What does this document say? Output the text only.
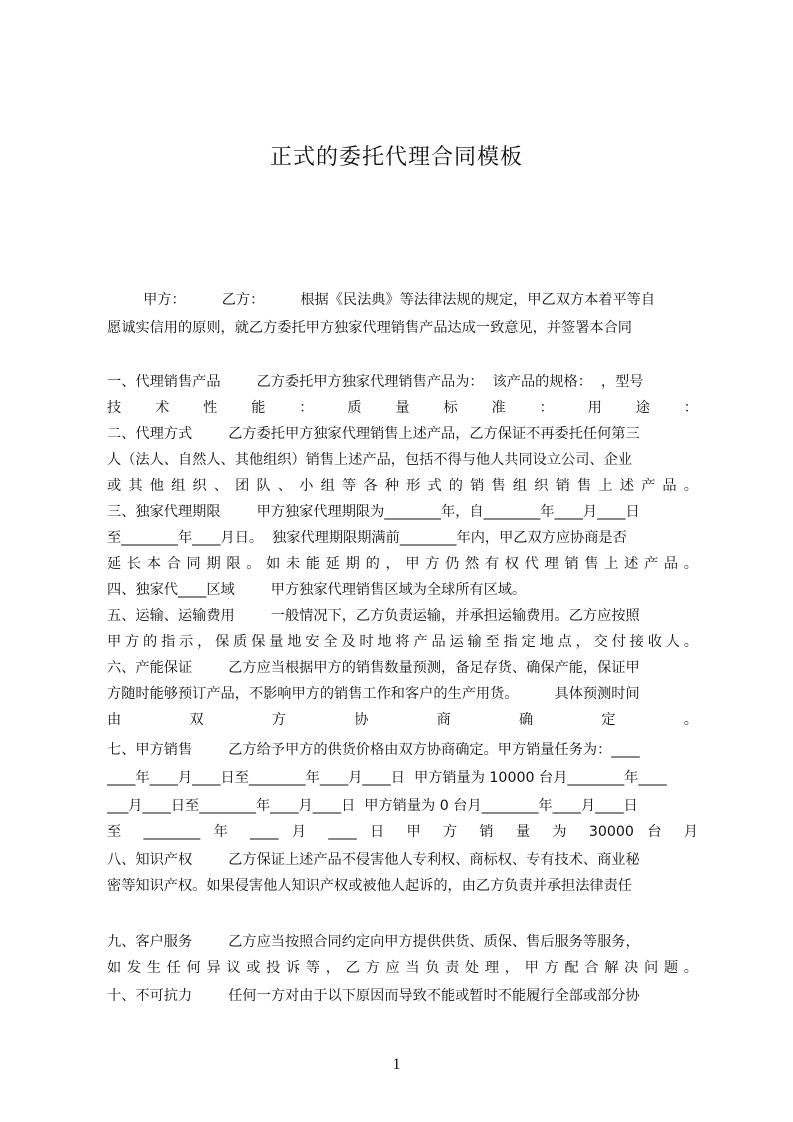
正式的委托代理合同模板
甲方：        乙方：        根据《民法典》等法律法规的规定，甲乙双方本着平等自
愿诚实信用的原则，就乙方委托甲方独家代理销售产品达成一致意见，并签署本合同
一、代理销售产品        乙方委托甲方独家代理销售产品为：  该产品的规格：  ，型号
技 术 性 能 ： 质 量 标 准 ： 用 途 ：
二、代理方式        乙方委托甲方独家代理销售上述产品，乙方保证不再委托任何第三
人（法人、自然人、其他组织）销售上述产品，包括不得与他人共同设立公司、企业
或其他组织、团队、小组等各种形式的销售组织销售上述产品。
三、独家代理期限        甲方独家代理期限为________年，自________年____月____日
至________年____月日。  独家代理期限期满前________年内，甲乙双方应协商是否
延长本合同期限。如未能延期的，甲方仍然有权代理销售上述产品。
四、独家代____区域        甲方独家代理销售区域为全球所有区域。
五、运输、运输费用        一般情况下，乙方负责运输，并承担运输费用。乙方应按照
甲方的指示，保质保量地安全及时地将产品运输至指定地点，交付接收人。
六、产能保证        乙方应当根据甲方的销售数量预测，备足存货、确保产能，保证甲
方随时能够预订产品，不影响甲方的销售工作和客户的生产用货。        具体预测时间
由 双 方 协 商 确 定 。
七、甲方销售        乙方给予甲方的供货价格由双方协商确定。甲方销量任务为：____
____年____月____日至________年____月____日  甲方销量为 10000 台月________年____
___月____日至________年____月____日  甲方销量为 0 台月________年____月____日
至 ________ 年 ____ 月 ____ 日 甲 方 销 量 为 30000 台 月
八、知识产权        乙方保证上述产品不侵害他人专利权、商标权、专有技术、商业秘
密等知识产权。如果侵害他人知识产权或被他人起诉的，由乙方负责并承担法律责任
九、客户服务        乙方应当按照合同约定向甲方提供供货、质保、售后服务等服务，
如发生任何异议或投诉等，乙方应当负责处理，甲方配合解决问题。
十、不可抗力        任何一方对由于以下原因而导致不能或暂时不能履行全部或部分协
1
